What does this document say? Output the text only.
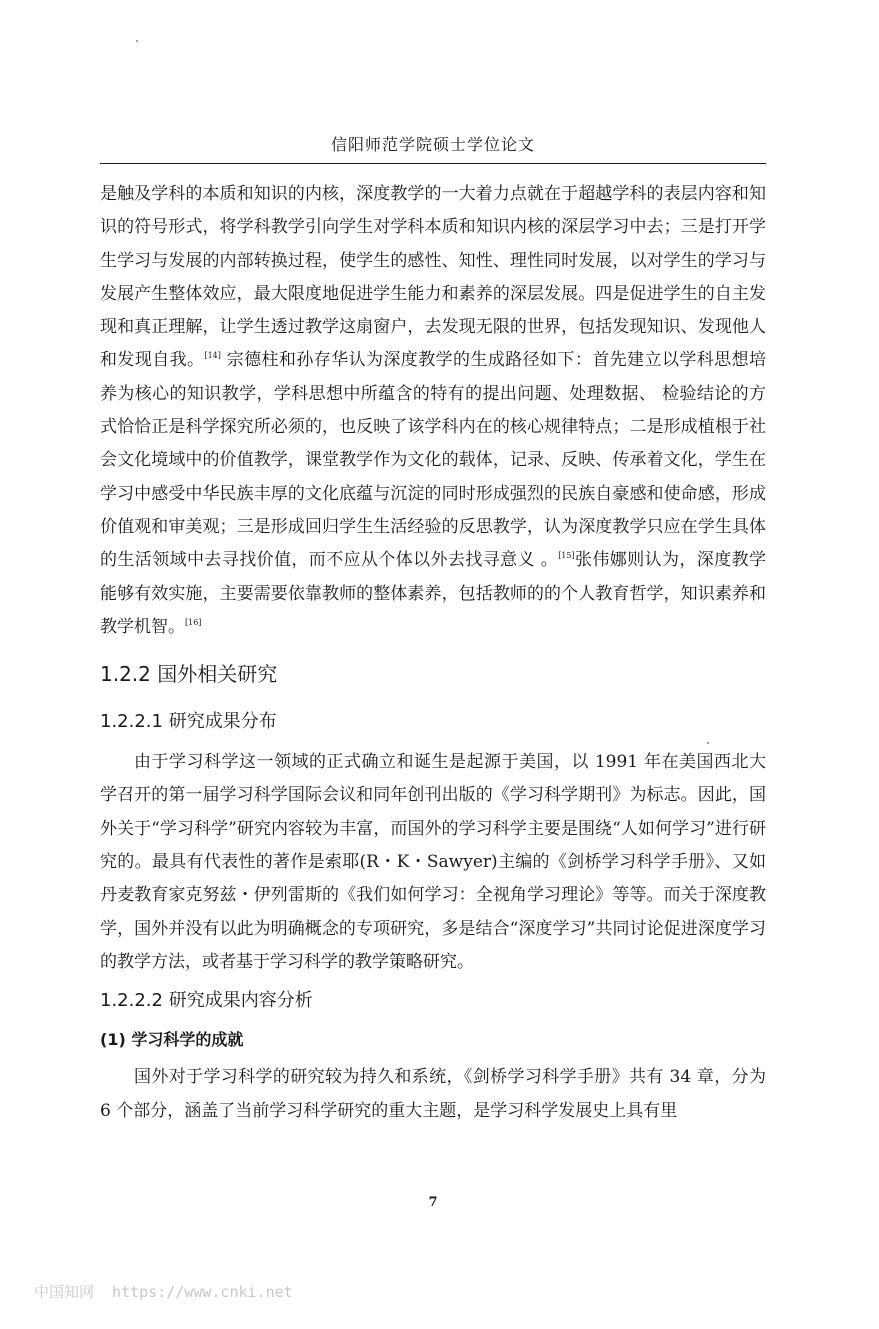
信阳师范学院硕士学位论文

是触及学科的本质和知识的内核，深度教学的一大着力点就在于超越学科的表层内容和知识的符号形式，将学科教学引向学生对学科本质和知识内核的深层学习中去；三是打开学生学习与发展的内部转换过程，使学生的感性、知性、理性同时发展，以对学生的学习与发展产生整体效应，最大限度地促进学生能力和素养的深层发展。四是促进学生的自主发现和真正理解，让学生透过教学这扇窗户，去发现无限的世界，包括发现知识、发现他人和发现自我。[14] 宗德柱和孙存华认为深度教学的生成路径如下：首先建立以学科思想培养为核心的知识教学，学科思想中所蕴含的特有的提出问题、处理数据、 检验结论的方式恰恰正是科学探究所必须的，也反映了该学科内在的核心规律特点；二是形成植根于社会文化境域中的价值教学，课堂教学作为文化的载体，记录、反映、传承着文化，学生在学习中感受中华民族丰厚的文化底蕴与沉淀的同时形成强烈的民族自豪感和使命感，形成价值观和审美观；三是形成回归学生生活经验的反思教学，认为深度教学只应在学生具体的生活领域中去寻找价值，而不应从个体以外去找寻意义 。[15]张伟娜则认为，深度教学能够有效实施，主要需要依靠教师的整体素养，包括教师的的个人教育哲学，知识素养和教学机智。[16]

1.2.2 国外相关研究
1.2.2.1 研究成果分布

由于学习科学这一领域的正式确立和诞生是起源于美国，以 1991 年在美国西北大学召开的第一届学习科学国际会议和同年创刊出版的《学习科学期刊》为标志。因此，国外关于“学习科学”研究内容较为丰富，而国外的学习科学主要是围绕“人如何学习”进行研究的。最具有代表性的著作是索耶(R・K・Sawyer)主编的《剑桥学习科学手册》、又如丹麦教育家克努兹・伊列雷斯的《我们如何学习：全视角学习理论》等等。而关于深度教学，国外并没有以此为明确概念的专项研究，多是结合“深度学习”共同讨论促进深度学习的教学方法，或者基于学习科学的教学策略研究。

1.2.2.2 研究成果内容分析
(1) 学习科学的成就

国外对于学习科学的研究较为持久和系统，《剑桥学习科学手册》共有 34 章，分为 6 个部分，涵盖了当前学习科学研究的重大主题，是学习科学发展史上具有里

7
中国知网  https://www.cnki.net
